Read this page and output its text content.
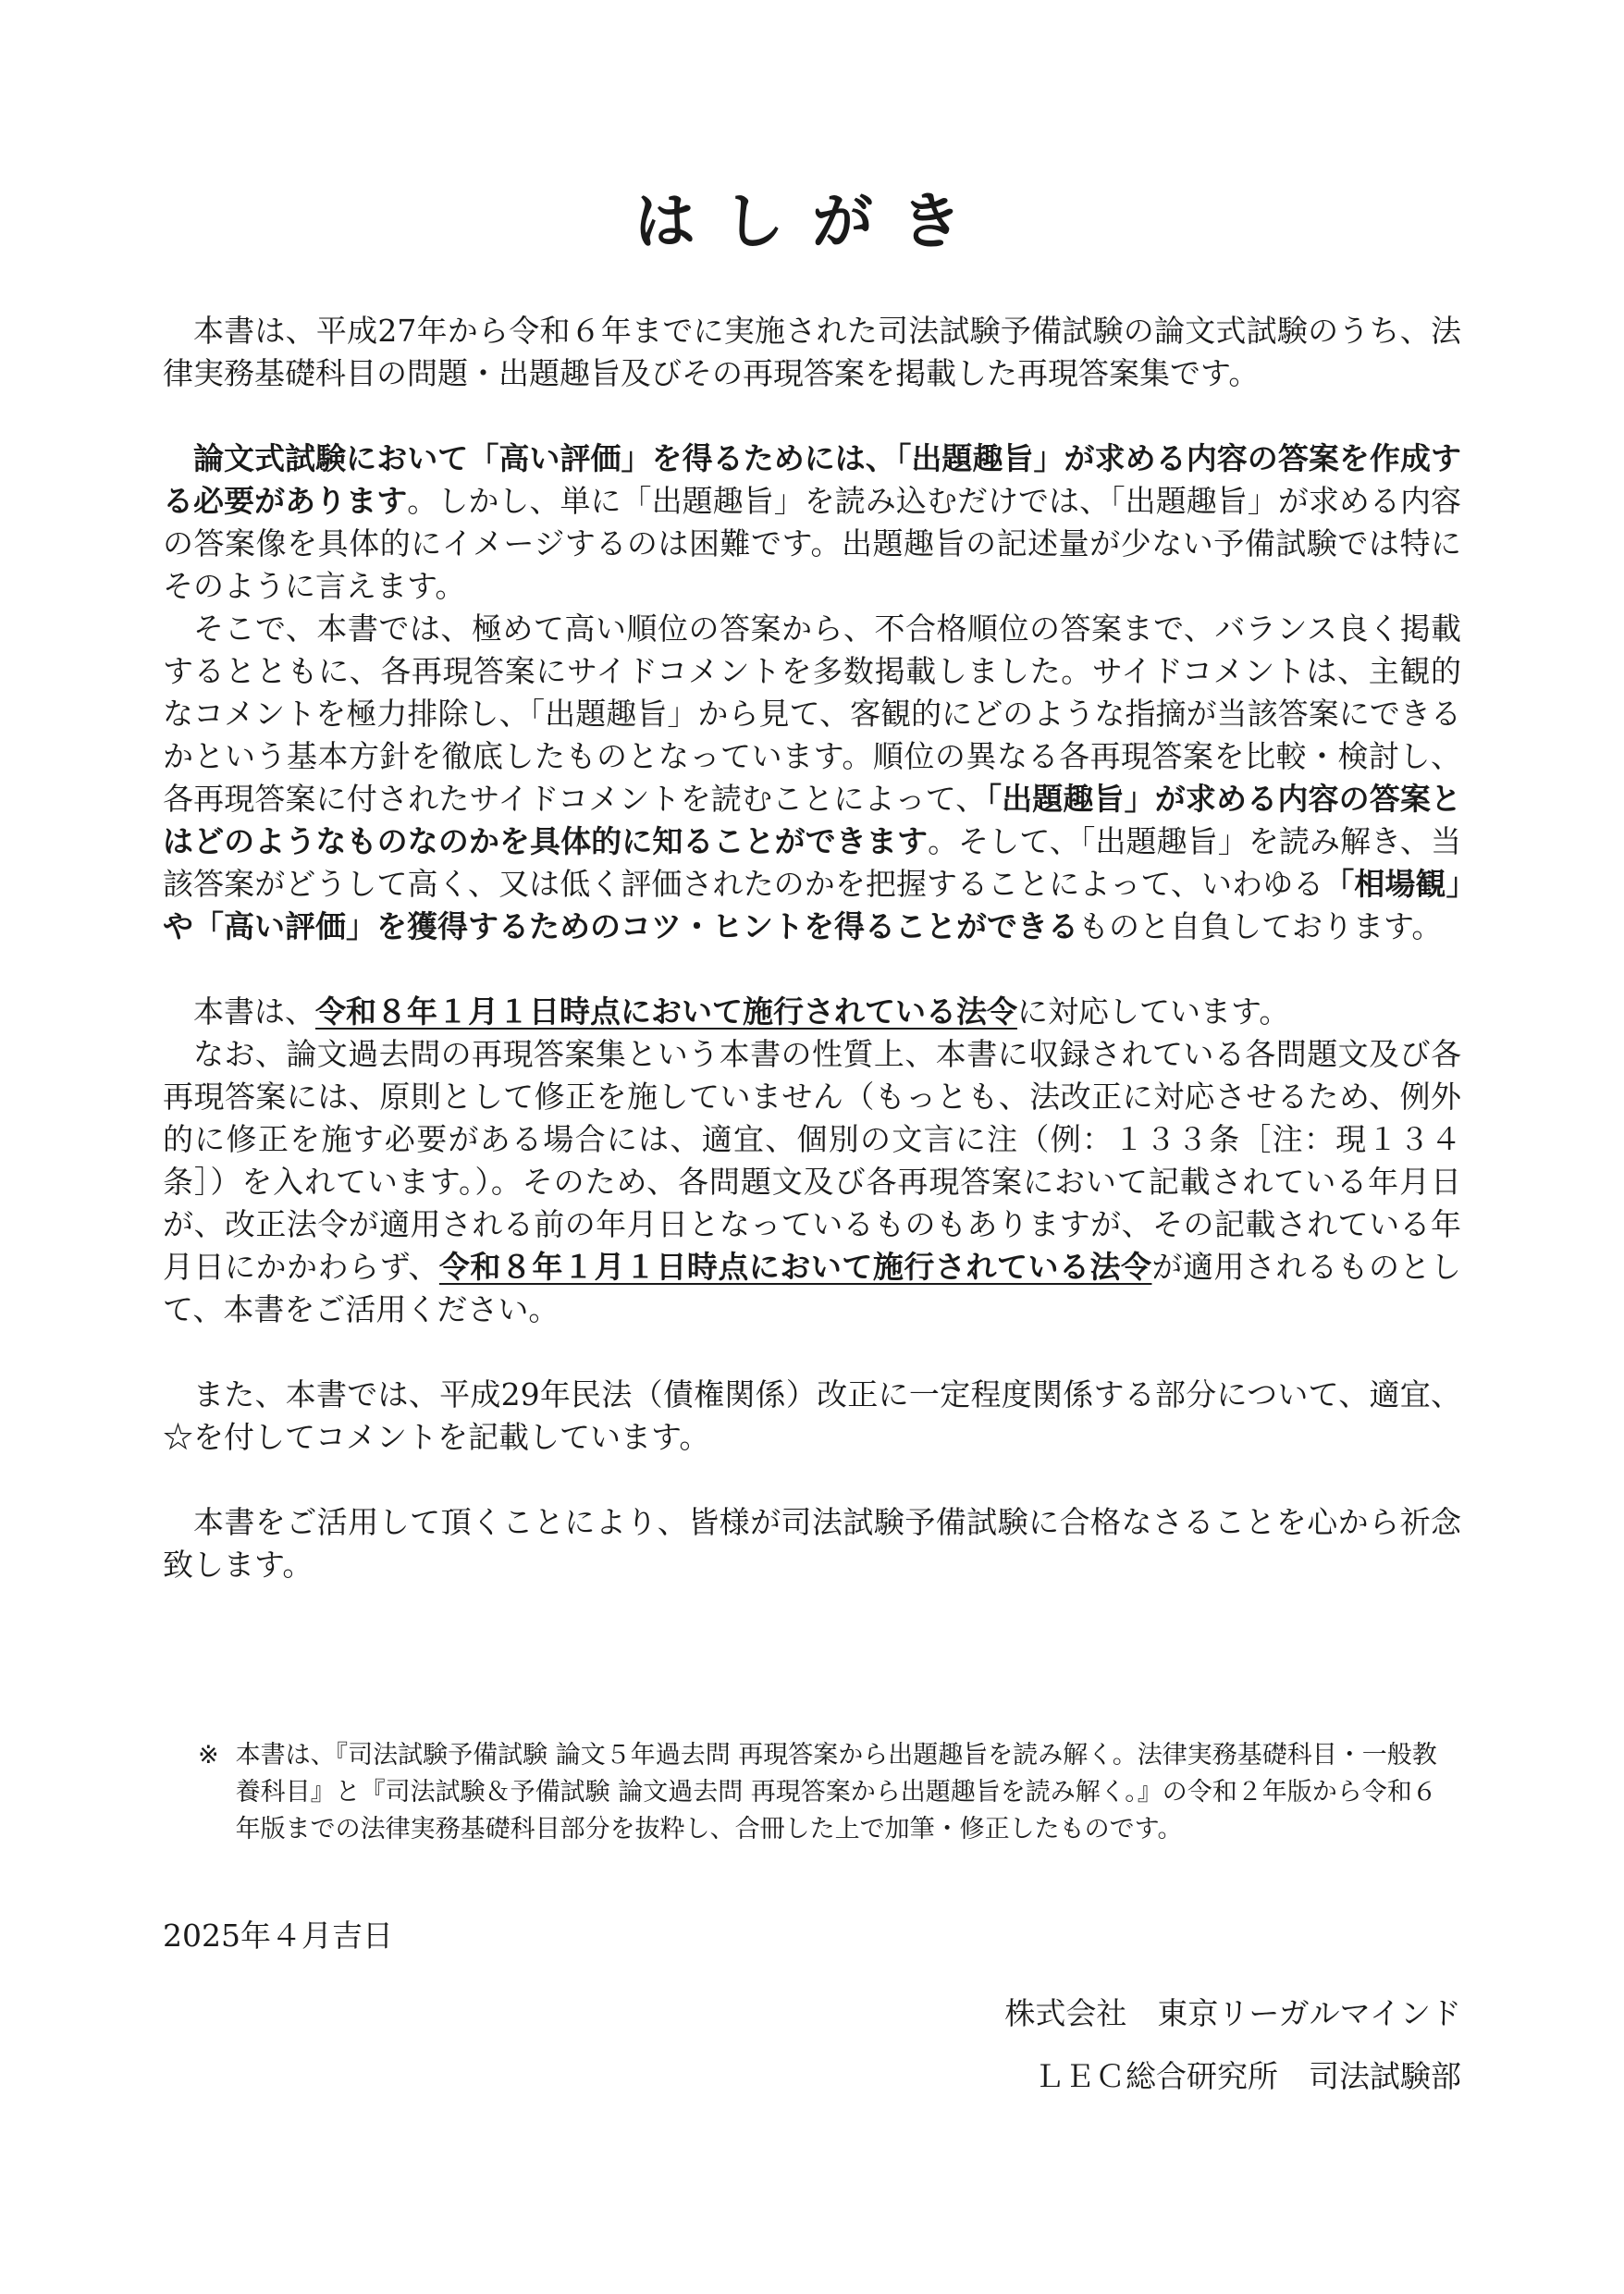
はしがき

本書は、平成27年から令和６年までに実施された司法試験予備試験の論文式試験のうち、法律実務基礎科目の問題・出題趣旨及びその再現答案を掲載した再現答案集です。

論文式試験において「高い評価」を得るためには、「出題趣旨」が求める内容の答案を作成する必要があります。しかし、単に「出題趣旨」を読み込むだけでは、「出題趣旨」が求める内容の答案像を具体的にイメージするのは困難です。出題趣旨の記述量が少ない予備試験では特にそのように言えます。

そこで、本書では、極めて高い順位の答案から、不合格順位の答案まで、バランス良く掲載するとともに、各再現答案にサイドコメントを多数掲載しました。サイドコメントは、主観的なコメントを極力排除し、「出題趣旨」から見て、客観的にどのような指摘が当該答案にできるかという基本方針を徹底したものとなっています。順位の異なる各再現答案を比較・検討し、各再現答案に付されたサイドコメントを読むことによって、「出題趣旨」が求める内容の答案とはどのようなものなのかを具体的に知ることができます。そして、「出題趣旨」を読み解き、当該答案がどうして高く、又は低く評価されたのかを把握することによって、いわゆる「相場観」や「高い評価」を獲得するためのコツ・ヒントを得ることができるものと自負しております。

本書は、令和８年１月１日時点において施行されている法令に対応しています。

なお、論文過去問の再現答案集という本書の性質上、本書に収録されている各問題文及び各再現答案には、原則として修正を施していません（もっとも、法改正に対応させるため、例外的に修正を施す必要がある場合には、適宜、個別の文言に注（例：１３３条［注：現１３４条］）を入れています。）。そのため、各問題文及び各再現答案において記載されている年月日が、改正法令が適用される前の年月日となっているものもありますが、その記載されている年月日にかかわらず、令和８年１月１日時点において施行されている法令が適用されるものとして、本書をご活用ください。

また、本書では、平成29年民法（債権関係）改正に一定程度関係する部分について、適宜、☆を付してコメントを記載しています。

本書をご活用して頂くことにより、皆様が司法試験予備試験に合格なさることを心から祈念致します。

※ 本書は、『司法試験予備試験 論文５年過去問 再現答案から出題趣旨を読み解く。法律実務基礎科目・一般教養科目』と『司法試験＆予備試験 論文過去問 再現答案から出題趣旨を読み解く。』の令和２年版から令和６年版までの法律実務基礎科目部分を抜粋し、合冊した上で加筆・修正したものです。
2025年４月吉日
株式会社　東京リーガルマインド
ＬＥＣ総合研究所　司法試験部
